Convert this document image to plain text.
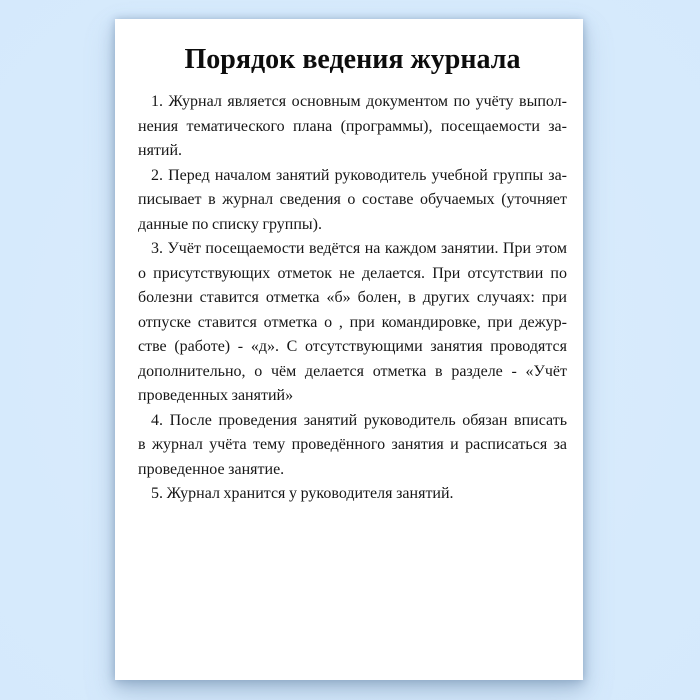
Порядок ведения журнала
1. Журнал является основным документом по учёту выпол-
нения тематического плана (программы), посещаемости за-
нятий.
2. Перед началом занятий руководитель учебной группы за-
писывает в журнал сведения о составе обучаемых (уточняет
данные по списку группы).
3. Учёт посещаемости ведётся на каждом занятии. При этом
о присутствующих отметок не делается. При отсутствии по
болезни ставится отметка «б» болен, в других случаях: при
отпуске ставится отметка о , при командировке, при дежур-
стве (работе) - «д». С отсутствующими занятия проводятся
дополнительно, о чём делается отметка в разделе - «Учёт
проведенных занятий»
4. После проведения занятий руководитель обязан вписать
в журнал учёта тему проведённого занятия и расписаться за
проведенное занятие.
5. Журнал хранится у руководителя занятий.
